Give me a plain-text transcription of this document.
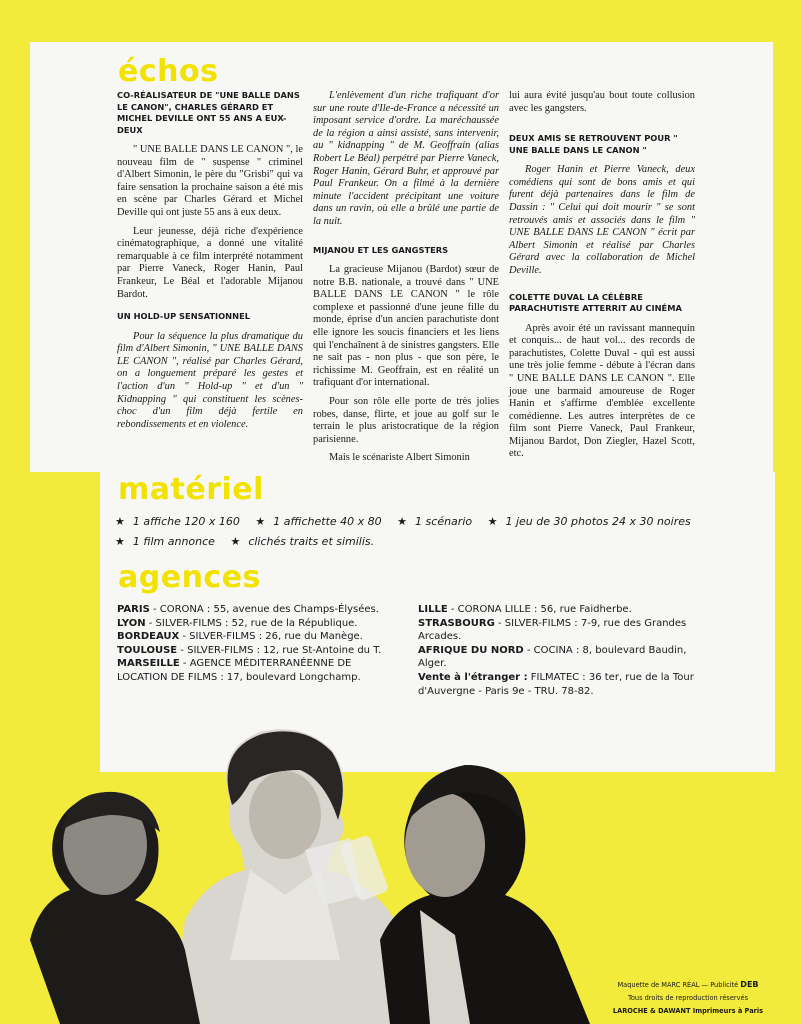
échos
CO-RÉALISATEUR DE "UNE BALLE DANS LE CANON", CHARLES GÉRARD ET MICHEL DEVILLE ONT 55 ANS A EUX-DEUX

" UNE BALLE DANS LE CANON ", le nouveau film de " suspense " criminel d'Albert Simonin, le père du "Grisbi" qui va faire sensation la prochaine saison a été mis en scène par Charles Gérard et Michel Deville qui ont juste 55 ans à eux deux.

Leur jeunesse, déjà riche d'expérience cinématographique, a donné une vitalité remarquable à ce film interprété notamment par Pierre Vaneck, Roger Hanin, Paul Frankeur, Le Béal et l'adorable Mijanou Bardot.

UN HOLD-UP SENSATIONNEL

Pour la séquence la plus dramatique du film d'Albert Simonin, " UNE BALLE DANS LE CANON ", réalisé par Charles Gérard, on a longuement préparé les gestes et l'action d'un " Hold-up " et d'un " Kidnapping " qui constituent les scènes-choc d'un film déjà fertile en rebondissements et en violence.

L'enlèvement d'un riche trafiquant d'or sur une route d'Ile-de-France a nécessité un imposant service d'ordre. La maréchaussée de la région a ainsi assisté, sans intervenir, au " kidnapping " de M. Geoffrain (alias Robert Le Béal) perpétré par Pierre Vaneck, Roger Hanin, Gérard Buhr, et approuvé par Paul Frankeur. On a filmé à la dernière minute l'accident précipitant une voiture dans un ravin, où elle a brûlé une partie de la nuit.

MIJANOU ET LES GANGSTERS

La gracieuse Mijanou (Bardot) sœur de notre B.B. nationale, a trouvé dans " UNE BALLE DANS LE CANON " le rôle complexe et passionné d'une jeune fille du monde, éprise d'un ancien parachutiste dont elle ignore les soucis financiers et les liens qui l'enchaînent à de sinistres gangsters. Elle ne sait pas - non plus - que son père, le richissime M. Geoffrain, est en réalité un trafiquant d'or international.

Pour son rôle elle porte de très jolies robes, danse, flirte, et joue au golf sur le terrain le plus aristocratique de la région parisienne.

Mais le scénariste Albert Simonin

lui aura évité jusqu'au bout toute collusion avec les gangsters.

DEUX AMIS SE RETROUVENT POUR " UNE BALLE DANS LE CANON "

Roger Hanin et Pierre Vaneck, deux comédiens qui sont de bons amis et qui furent déjà partenaires dans le film de Dassin : " Celui qui doit mourir " se sont retrouvés amis et associés dans le film " UNE BALLE DANS LE CANON " écrit par Albert Simonin et réalisé par Charles Gérard avec la collaboration de Michel Deville.

COLETTE DUVAL LA CÉLÈBRE PARACHUTISTE ATTERRIT AU CINÉMA

Après avoir été un ravissant mannequin et conquis... de haut vol... des records de parachutistes, Colette Duval - qui est aussi une très jolie femme - débute à l'écran dans " UNE BALLE DANS LE CANON ". Elle joue une barmaid amoureuse de Roger Hanin et s'affirme d'emblée excellente comédienne. Les autres interprètes de ce film sont Pierre Vaneck, Paul Frankeur, Mijanou Bardot, Don Ziegler, Hazel Scott, etc.

matériel
★ 1 affiche 120 x 160 ★ 1 affichette 40 x 80 ★ 1 scénario ★ 1 jeu de 30 photos 24 x 30 noires
★ 1 film annonce ★ clichés traits et similis.
agences

PARIS - CORONA : 55, avenue des Champs-Élysées.

LYON - SILVER-FILMS : 52, rue de la République.

BORDEAUX - SILVER-FILMS : 26, rue du Manège.

TOULOUSE - SILVER-FILMS : 12, rue St-Antoine du T.

MARSEILLE - AGENCE MÉDITERRANÉENNE DE LOCATION DE FILMS : 17, boulevard Longchamp.

LILLE - CORONA LILLE : 56, rue Faidherbe.

STRASBOURG - SILVER-FILMS : 7-9, rue des Grandes Arcades.

AFRIQUE DU NORD - COCINA : 8, boulevard Baudin, Alger.

Vente à l'étranger : FILMATEC : 36 ter, rue de la Tour d'Auvergne - Paris 9e - TRU. 78-82.

Maquette de MARC RÉAL — Publicité DEB
Tous droits de reproduction réservés
LAROCHE & DAWANT Imprimeurs à Paris
